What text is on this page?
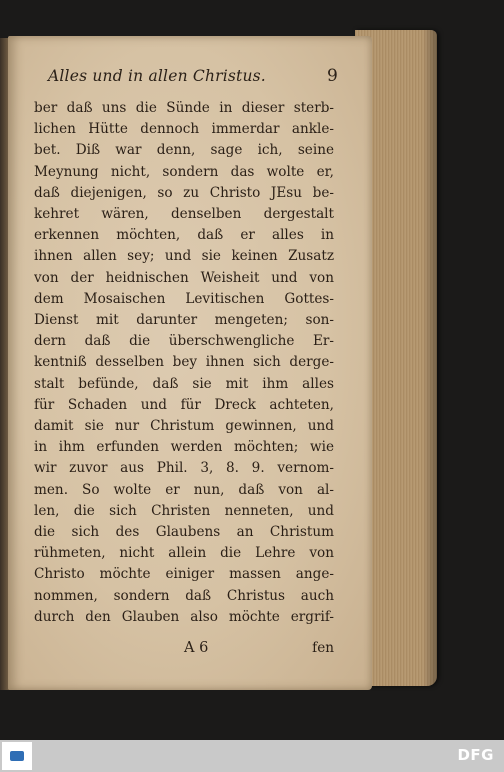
Alles und in allen Christus.	9
ber daß uns die Sünde in dieser sterb-
lichen Hütte dennoch immerdar ankle-
bet. Diß war denn, sage ich, seine
Meynung nicht, sondern das wolte er,
daß diejenigen, so zu Christo JEsu be-
kehret wären, denselben dergestalt
erkennen möchten, daß er alles in
ihnen allen sey; und sie keinen Zusatz
von der heidnischen Weisheit und von
dem Mosaischen Levitischen Gottes-
Dienst mit darunter mengeten; son-
dern daß die überschwengliche Er-
kentniß desselben bey ihnen sich derge-
stalt befünde, daß sie mit ihm alles
für Schaden und für Dreck achteten,
damit sie nur Christum gewinnen, und
in ihm erfunden werden möchten; wie
wir zuvor aus Phil. 3, 8. 9. vernom-
men. So wolte er nun, daß von al-
len, die sich Christen nenneten, und
die sich des Glaubens an Christum
rühmeten, nicht allein die Lehre von
Christo möchte einiger massen ange-
nommen, sondern daß Christus auch
durch den Glauben also möchte ergrif-
A 6	fen
DFG
